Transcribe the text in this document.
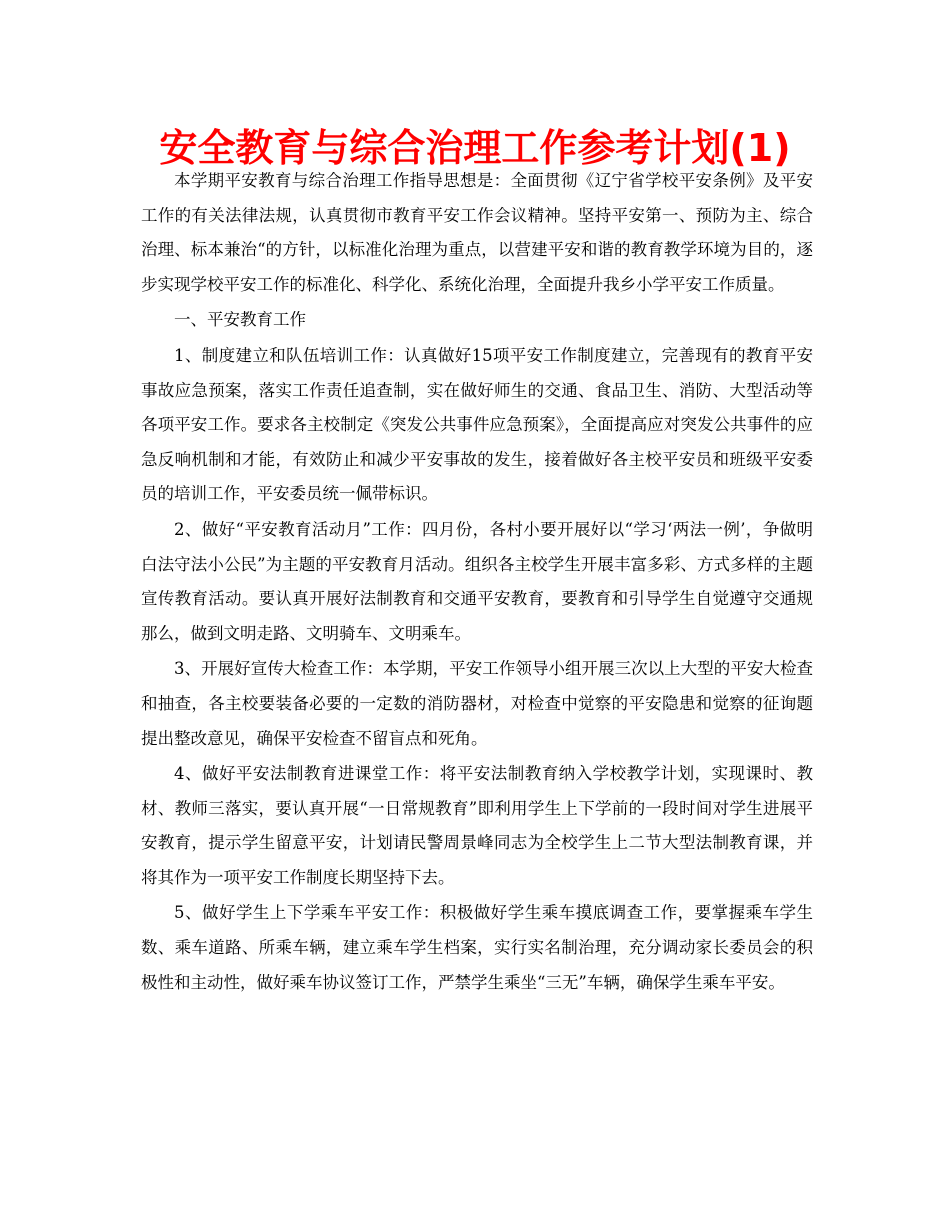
安全教育与综合治理工作参考计划(1)

本学期平安教育与综合治理工作指导思想是：全面贯彻《辽宁省学校平安条例》及平安工作的有关法律法规，认真贯彻市教育平安工作会议精神。坚持平安第一、预防为主、综合治理、标本兼治“的方针，以标准化治理为重点，以营建平安和谐的教育教学环境为目的，逐步实现学校平安工作的标准化、科学化、系统化治理，全面提升我乡小学平安工作质量。

一、平安教育工作

1、制度建立和队伍培训工作：认真做好15项平安工作制度建立，完善现有的教育平安事故应急预案，落实工作责任追查制，实在做好师生的交通、食品卫生、消防、大型活动等各项平安工作。要求各主校制定《突发公共事件应急预案》，全面提高应对突发公共事件的应急反响机制和才能，有效防止和减少平安事故的发生，接着做好各主校平安员和班级平安委员的培训工作，平安委员统一佩带标识。

2、做好“平安教育活动月”工作：四月份，各村小要开展好以“学习‘两法一例’，争做明白法守法小公民”为主题的平安教育月活动。组织各主校学生开展丰富多彩、方式多样的主题宣传教育活动。要认真开展好法制教育和交通平安教育，要教育和引导学生自觉遵守交通规那么，做到文明走路、文明骑车、文明乘车。

3、开展好宣传大检查工作：本学期，平安工作领导小组开展三次以上大型的平安大检查和抽查，各主校要装备必要的一定数的消防器材，对检查中觉察的平安隐患和觉察的征询题提出整改意见，确保平安检查不留盲点和死角。

4、做好平安法制教育进课堂工作：将平安法制教育纳入学校教学计划，实现课时、教材、教师三落实，要认真开展“一日常规教育”即利用学生上下学前的一段时间对学生进展平安教育，提示学生留意平安，计划请民警周景峰同志为全校学生上二节大型法制教育课，并将其作为一项平安工作制度长期坚持下去。

5、做好学生上下学乘车平安工作：积极做好学生乘车摸底调查工作，要掌握乘车学生数、乘车道路、所乘车辆，建立乘车学生档案，实行实名制治理，充分调动家长委员会的积极性和主动性，做好乘车协议签订工作，严禁学生乘坐“三无”车辆，确保学生乘车平安。
